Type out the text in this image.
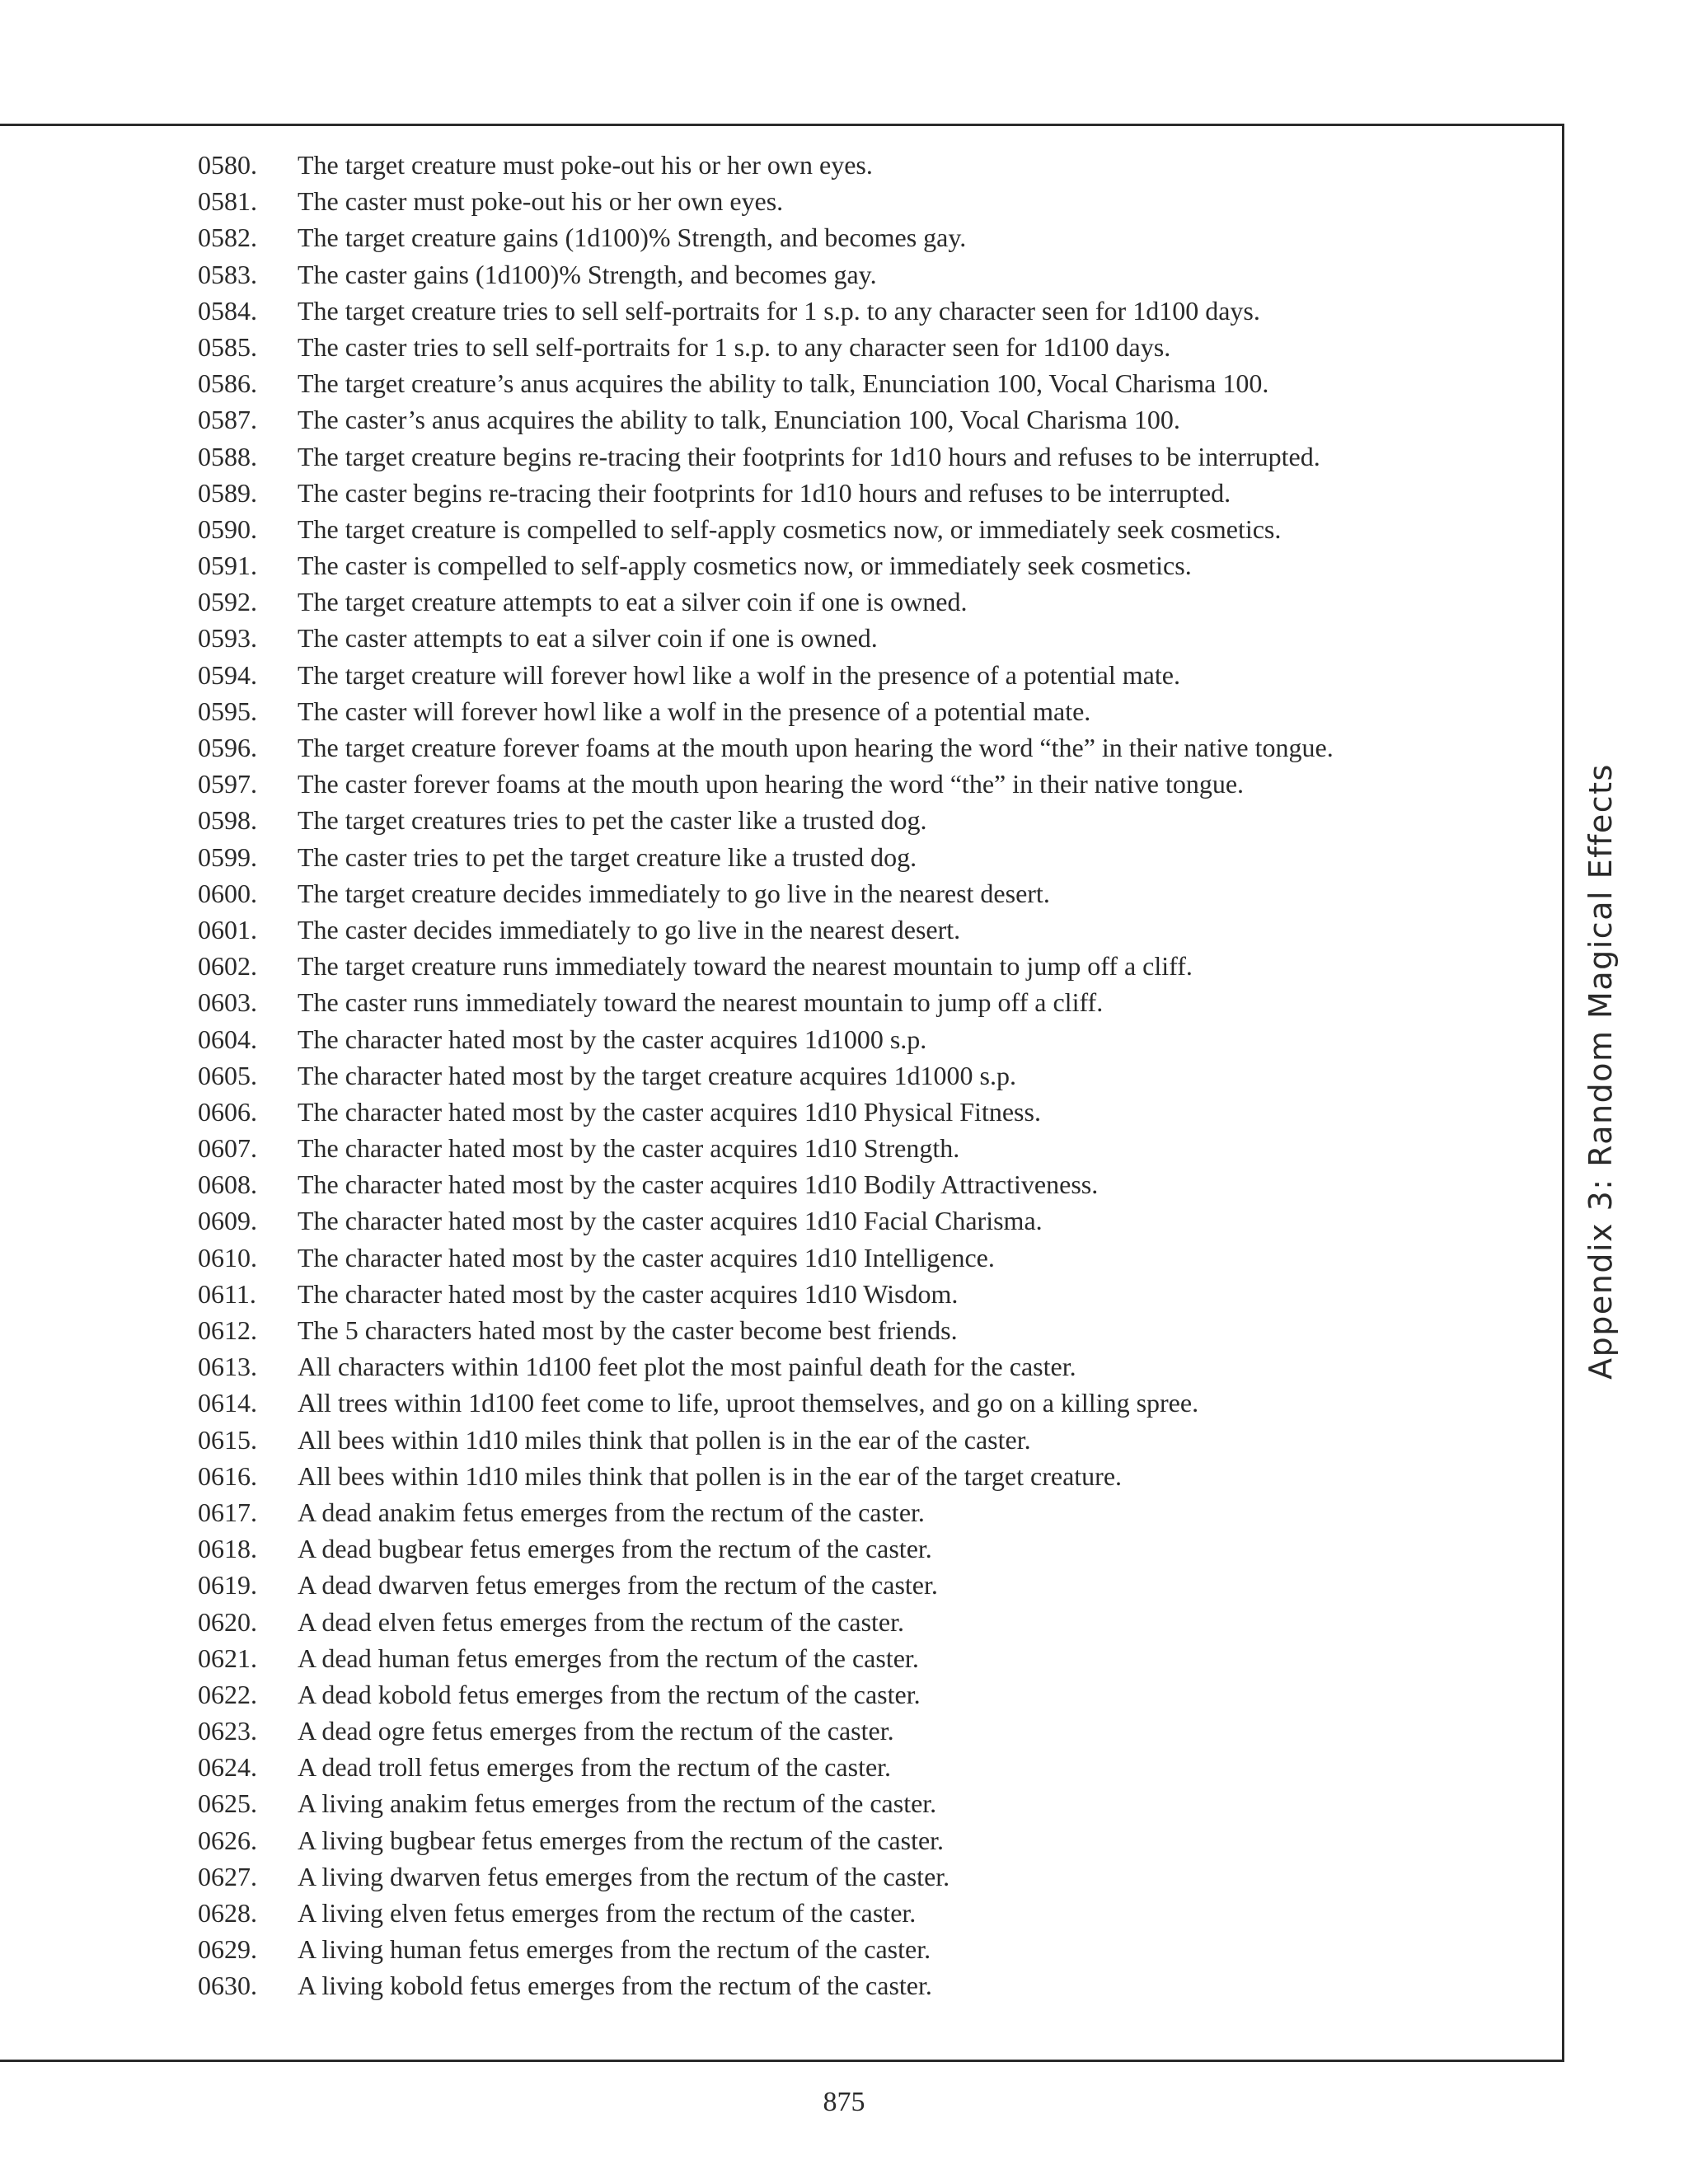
0580.	The target creature must poke-out his or her own eyes.
0581.	The caster must poke-out his or her own eyes.
0582.	The target creature gains (1d100)% Strength, and becomes gay.
0583.	The caster gains (1d100)% Strength, and becomes gay.
0584.	The target creature tries to sell self-portraits for 1 s.p. to any character seen for 1d100 days.
0585.	The caster tries to sell self-portraits for 1 s.p. to any character seen for 1d100 days.
0586.	The target creature’s anus acquires the ability to talk, Enunciation 100, Vocal Charisma 100.
0587.	The caster’s anus acquires the ability to talk, Enunciation 100, Vocal Charisma 100.
0588.	The target creature begins re-tracing their footprints for 1d10 hours and refuses to be interrupted.
0589.	The caster begins re-tracing their footprints for 1d10 hours and refuses to be interrupted.
0590.	The target creature is compelled to self-apply cosmetics now, or immediately seek cosmetics.
0591.	The caster is compelled to self-apply cosmetics now, or immediately seek cosmetics.
0592.	The target creature attempts to eat a silver coin if one is owned.
0593.	The caster attempts to eat a silver coin if one is owned.
0594.	The target creature will forever howl like a wolf in the presence of a potential mate.
0595.	The caster will forever howl like a wolf in the presence of a potential mate.
0596.	The target creature forever foams at the mouth upon hearing the word “the” in their native tongue.
0597.	The caster forever foams at the mouth upon hearing the word “the” in their native tongue.
0598.	The target creatures tries to pet the caster like a trusted dog.
0599.	The caster tries to pet the target creature like a trusted dog.
0600.	The target creature decides immediately to go live in the nearest desert.
0601.	The caster decides immediately to go live in the nearest desert.
0602.	The target creature runs immediately toward the nearest mountain to jump off a cliff.
0603.	The caster runs immediately toward the nearest mountain to jump off a cliff.
0604.	The character hated most by the caster acquires 1d1000 s.p.
0605.	The character hated most by the target creature acquires 1d1000 s.p.
0606.	The character hated most by the caster acquires 1d10 Physical Fitness.
0607.	The character hated most by the caster acquires 1d10 Strength.
0608.	The character hated most by the caster acquires 1d10 Bodily Attractiveness.
0609.	The character hated most by the caster acquires 1d10 Facial Charisma.
0610.	The character hated most by the caster acquires 1d10 Intelligence.
0611.	The character hated most by the caster acquires 1d10 Wisdom.
0612.	The 5 characters hated most by the caster become best friends.
0613.	All characters within 1d100 feet plot the most painful death for the caster.
0614.	All trees within 1d100 feet come to life, uproot themselves, and go on a killing spree.
0615.	All bees within 1d10 miles think that pollen is in the ear of the caster.
0616.	All bees within 1d10 miles think that pollen is in the ear of the target creature.
0617.	A dead anakim fetus emerges from the rectum of the caster.
0618.	A dead bugbear fetus emerges from the rectum of the caster.
0619.	A dead dwarven fetus emerges from the rectum of the caster.
0620.	A dead elven fetus emerges from the rectum of the caster.
0621.	A dead human fetus emerges from the rectum of the caster.
0622.	A dead kobold fetus emerges from the rectum of the caster.
0623.	A dead ogre fetus emerges from the rectum of the caster.
0624.	A dead troll fetus emerges from the rectum of the caster.
0625.	A living anakim fetus emerges from the rectum of the caster.
0626.	A living bugbear fetus emerges from the rectum of the caster.
0627.	A living dwarven fetus emerges from the rectum of the caster.
0628.	A living elven fetus emerges from the rectum of the caster.
0629.	A living human fetus emerges from the rectum of the caster.
0630.	A living kobold fetus emerges from the rectum of the caster.
Appendix 3: Random Magical Effects
875
